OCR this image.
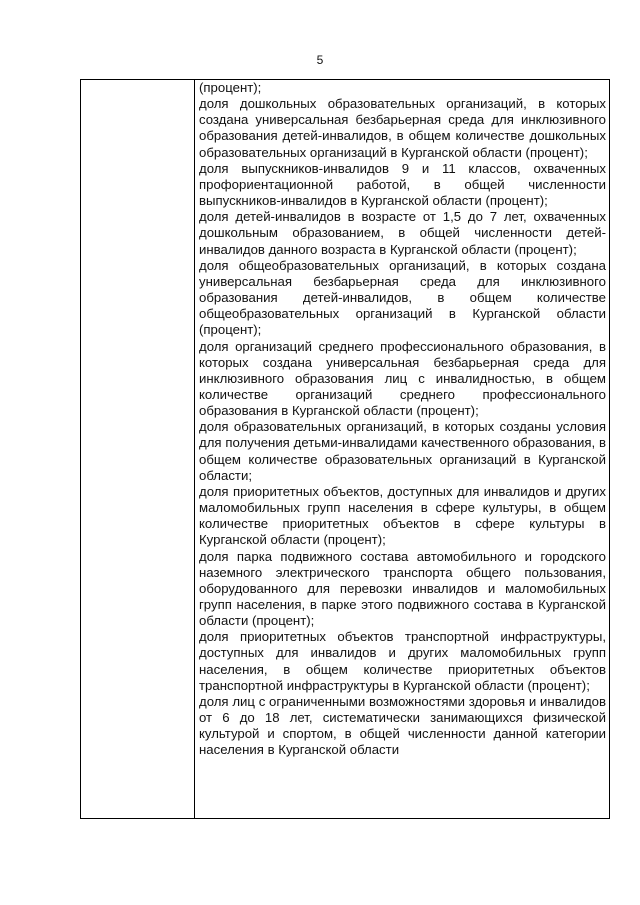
5

(процент);

доля дошкольных образовательных организаций, в которых создана универсальная безбарьерная среда для инклюзивного образования детей-инвалидов, в общем количестве дошкольных образовательных организаций в Курганской области (процент);

доля выпускников-инвалидов 9 и 11 классов, охваченных профориентационной работой, в общей численности выпускников-инвалидов в Курганской области (процент);

доля детей-инвалидов в возрасте от 1,5 до 7 лет, охваченных дошкольным образованием, в общей численности детей-инвалидов данного возраста в Курганской области (процент);

доля общеобразовательных организаций, в которых создана универсальная безбарьерная среда для инклюзивного образования детей-инвалидов, в общем количестве общеобразовательных организаций в Курганской области (процент);

доля организаций среднего профессионального образования, в которых создана универсальная безбарьерная среда для инклюзивного образования лиц с инвалидностью, в общем количестве организаций среднего профессионального образования в Курганской области (процент);

доля образовательных организаций, в которых созданы условия для получения детьми-инвалидами качественного образования, в общем количестве образовательных организаций в Курганской области;

доля приоритетных объектов, доступных для инвалидов и других маломобильных групп населения в сфере культуры, в общем количестве приоритетных объектов в сфере культуры в Курганской области (процент);

доля парка подвижного состава автомобильного и городского наземного электрического транспорта общего пользования, оборудованного для перевозки инвалидов и маломобильных групп населения, в парке этого подвижного состава в Курганской области (процент);

доля приоритетных объектов транспортной инфраструктуры, доступных для инвалидов и других маломобильных групп населения, в общем количестве приоритетных объектов транспортной инфраструктуры в Курганской области (процент);

доля лиц с ограниченными возможностями здоровья и инвалидов от 6 до 18 лет, систематически занимающихся физической культурой и спортом, в общей численности данной категории населения в Курганской области
